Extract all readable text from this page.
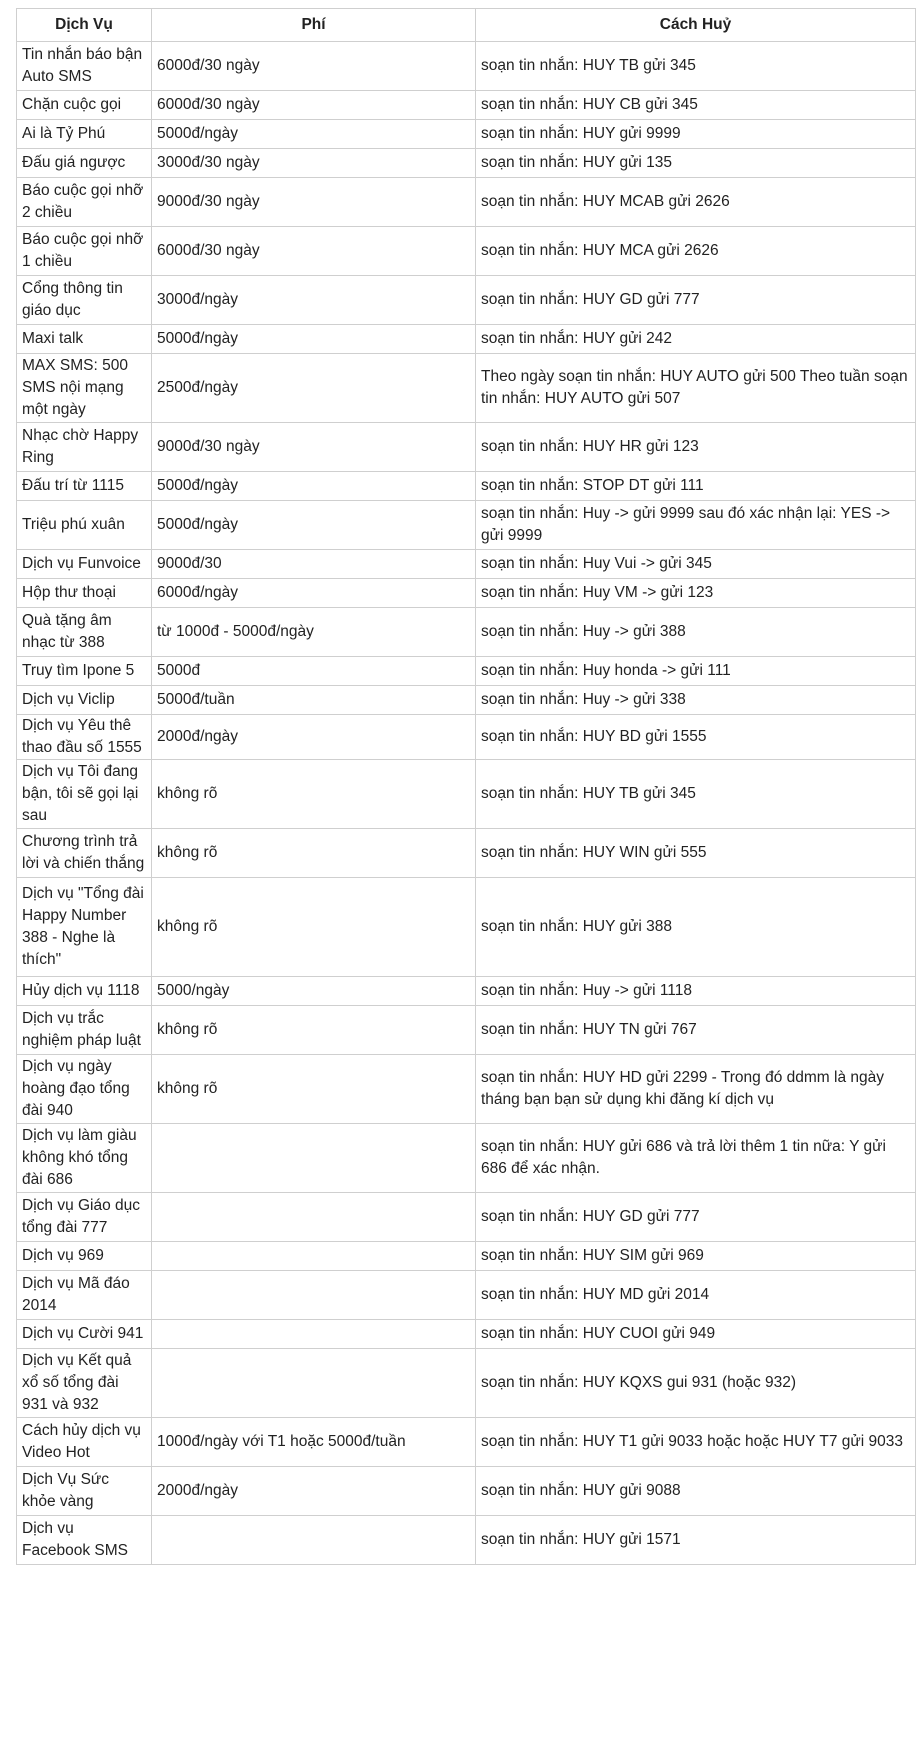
Dịch Vụ	Phí	Cách Huỷ
Tin nhắn báo bận Auto SMS	6000đ/30 ngày	soạn tin nhắn: HUY TB gửi 345
Chặn cuộc gọi	6000đ/30 ngày	soạn tin nhắn: HUY CB gửi 345
Ai là Tỷ Phú	5000đ/ngày	soạn tin nhắn: HUY gửi 9999
Đấu giá ngược	3000đ/30 ngày	soạn tin nhắn: HUY gửi 135
Báo cuộc gọi nhỡ 2 chiều	9000đ/30 ngày	soạn tin nhắn: HUY MCAB gửi 2626
Báo cuộc gọi nhỡ 1 chiều	6000đ/30 ngày	soạn tin nhắn: HUY MCA gửi 2626
Cổng thông tin giáo dục	3000đ/ngày	soạn tin nhắn: HUY GD gửi 777
Maxi talk	5000đ/ngày	soạn tin nhắn: HUY gửi 242
MAX SMS: 500 SMS nội mạng một ngày	2500đ/ngày	Theo ngày soạn tin nhắn: HUY AUTO gửi 500 Theo tuần soạn tin nhắn: HUY AUTO gửi 507
Nhạc chờ Happy Ring	9000đ/30 ngày	soạn tin nhắn: HUY HR gửi 123
Đấu trí từ 1115	5000đ/ngày	soạn tin nhắn: STOP DT gửi 111
Triệu phú xuân	5000đ/ngày	soạn tin nhắn: Huy -> gửi 9999 sau đó xác nhận lại: YES -> gửi 9999
Dịch vụ Funvoice	9000đ/30	soạn tin nhắn: Huy Vui -> gửi 345
Hộp thư thoại	6000đ/ngày	soạn tin nhắn: Huy VM -> gửi 123
Quà tặng âm nhạc từ 388	từ 1000đ - 5000đ/ngày	soạn tin nhắn: Huy -> gửi 388
Truy tìm Ipone 5	5000đ	soạn tin nhắn: Huy honda -> gửi 111
Dịch vụ Viclip	5000đ/tuần	soạn tin nhắn: Huy -> gửi 338
Dịch vụ Yêu thê thao đầu số 1555	2000đ/ngày	soạn tin nhắn: HUY BD gửi 1555
Dịch vụ Tôi đang bận, tôi sẽ gọi lại sau	không rõ	soạn tin nhắn: HUY TB gửi 345
Chương trình trả lời và chiến thắng	không rõ	soạn tin nhắn: HUY WIN gửi 555
Dịch vụ "Tổng đài Happy Number 388 - Nghe là thích"	không rõ	soạn tin nhắn: HUY gửi 388
Hủy dịch vụ 1118	5000/ngày	soạn tin nhắn: Huy -> gửi 1118
Dịch vụ trắc nghiệm pháp luật	không rõ	soạn tin nhắn: HUY TN gửi 767
Dịch vụ ngày hoàng đạo tổng đài 940	không rõ	soạn tin nhắn: HUY HD gửi 2299 - Trong đó ddmm là ngày tháng bạn bạn sử dụng khi đăng kí dịch vụ
Dịch vụ làm giàu không khó tổng đài 686		soạn tin nhắn: HUY gửi 686 và trả lời thêm 1 tin nữa: Y gửi 686 để xác nhận.
Dịch vụ Giáo dục tổng đài 777		soạn tin nhắn: HUY GD gửi 777
Dịch vụ 969		soạn tin nhắn: HUY SIM gửi 969
Dịch vụ Mã đáo 2014		soạn tin nhắn: HUY MD gửi 2014
Dịch vụ Cười 941		soạn tin nhắn: HUY CUOI gửi 949
Dịch vụ Kết quả xổ số tổng đài 931 và 932		soạn tin nhắn: HUY KQXS gui 931 (hoặc 932)
Cách hủy dịch vụ Video Hot	1000đ/ngày với T1 hoặc 5000đ/tuần	soạn tin nhắn: HUY T1 gửi 9033 hoặc hoặc HUY T7 gửi 9033
Dịch Vụ Sức khỏe vàng	2000đ/ngày	soạn tin nhắn: HUY gửi 9088
Dịch vụ Facebook SMS		soạn tin nhắn: HUY gửi 1571
